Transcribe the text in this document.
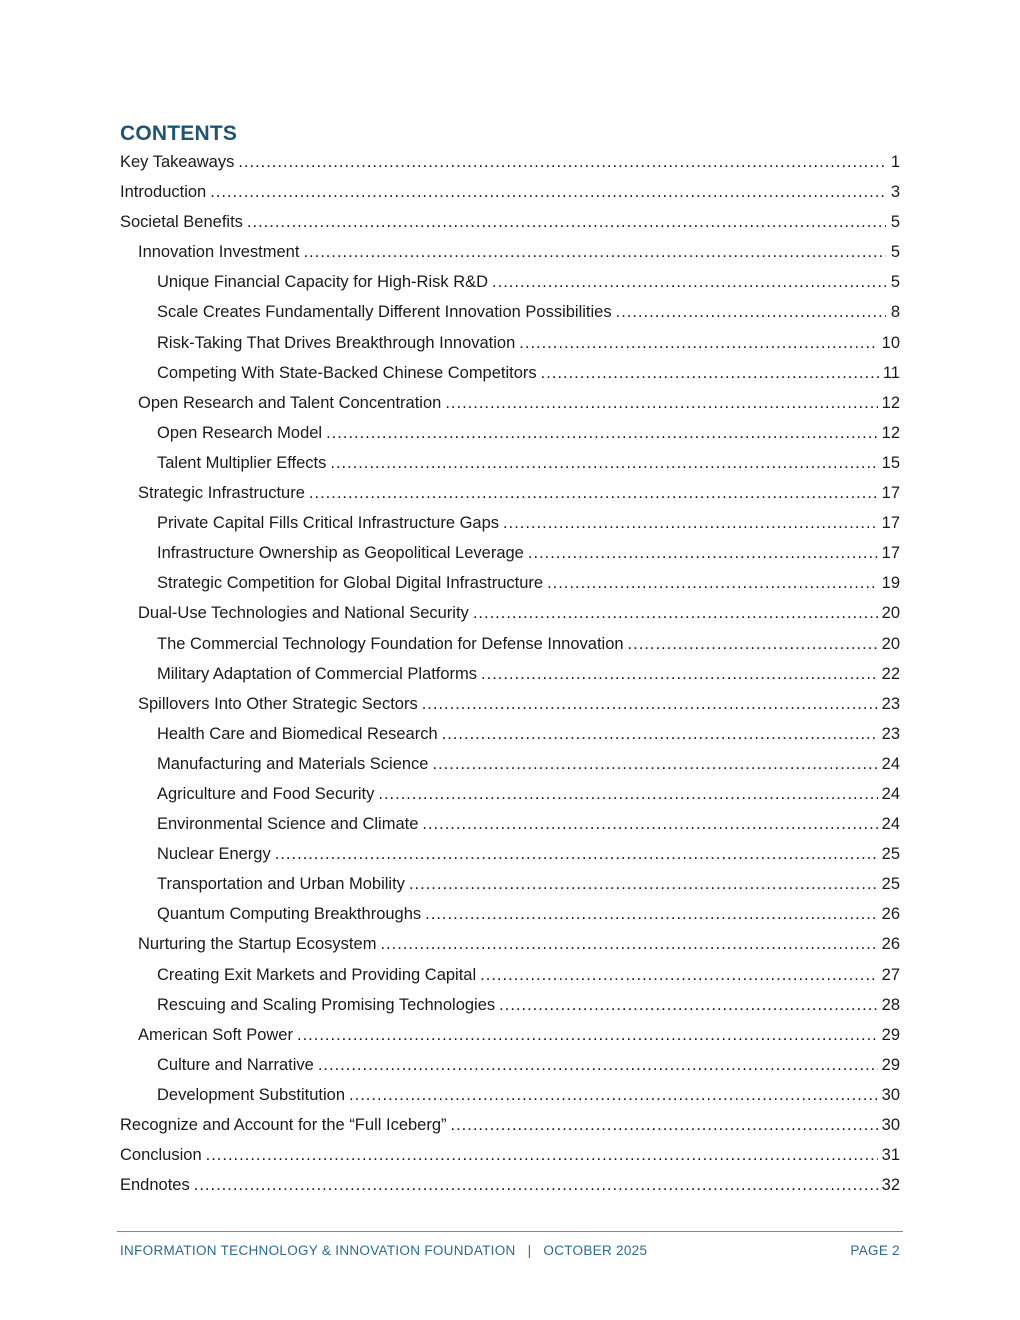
CONTENTS
Key Takeaways .....	1
Introduction .....	3
Societal Benefits .....	5
Innovation Investment .....	5
Unique Financial Capacity for High-Risk R&D .....	5
Scale Creates Fundamentally Different Innovation Possibilities .....	8
Risk-Taking That Drives Breakthrough Innovation .....	10
Competing With State-Backed Chinese Competitors .....	11
Open Research and Talent Concentration .....	12
Open Research Model .....	12
Talent Multiplier Effects .....	15
Strategic Infrastructure .....	17
Private Capital Fills Critical Infrastructure Gaps .....	17
Infrastructure Ownership as Geopolitical Leverage .....	17
Strategic Competition for Global Digital Infrastructure .....	19
Dual-Use Technologies and National Security .....	20
The Commercial Technology Foundation for Defense Innovation .....	20
Military Adaptation of Commercial Platforms .....	22
Spillovers Into Other Strategic Sectors .....	23
Health Care and Biomedical Research .....	23
Manufacturing and Materials Science .....	24
Agriculture and Food Security .....	24
Environmental Science and Climate .....	24
Nuclear Energy .....	25
Transportation and Urban Mobility .....	25
Quantum Computing Breakthroughs .....	26
Nurturing the Startup Ecosystem .....	26
Creating Exit Markets and Providing Capital .....	27
Rescuing and Scaling Promising Technologies .....	28
American Soft Power .....	29
Culture and Narrative .....	29
Development Substitution .....	30
Recognize and Account for the “Full Iceberg” .....	30
Conclusion .....	31
Endnotes .....	32
INFORMATION TECHNOLOGY & INNOVATION FOUNDATION | OCTOBER 2025	PAGE 2
